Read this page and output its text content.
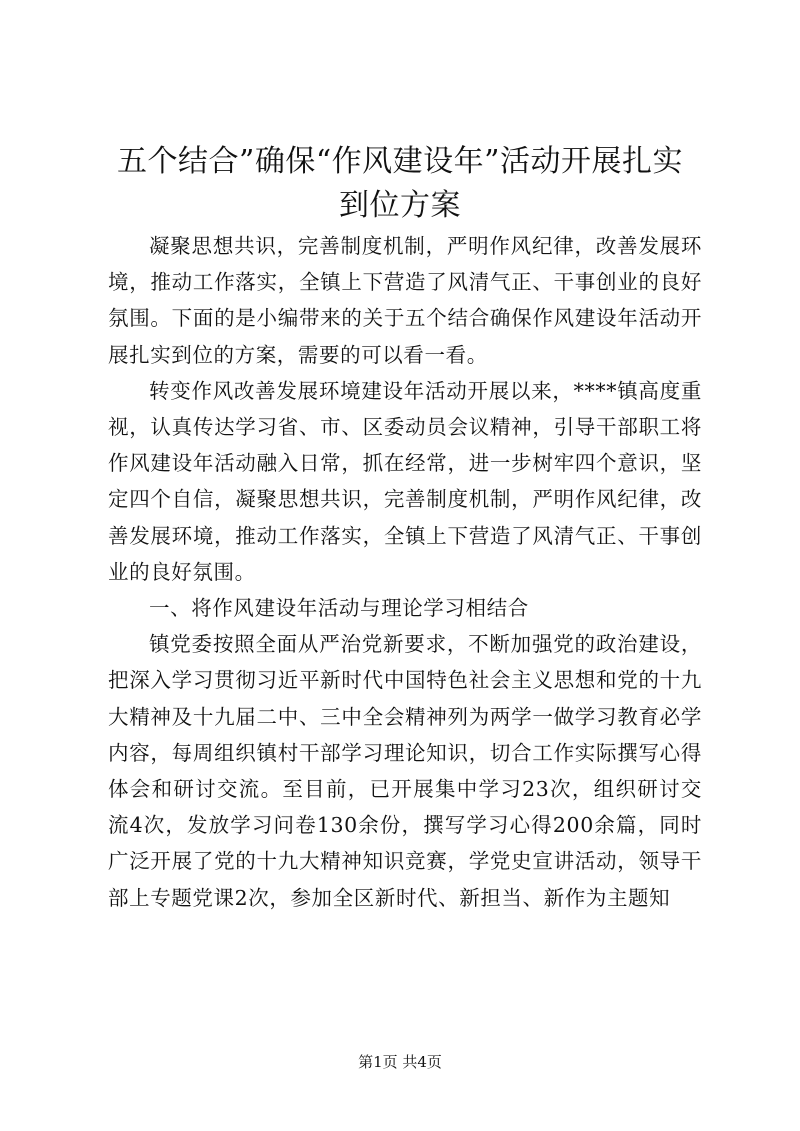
五个结合”确保“作风建设年”活动开展扎实
到位方案

凝聚思想共识，完善制度机制，严明作风纪律，改善发展环境，推动工作落实，全镇上下营造了风清气正、干事创业的良好氛围。下面的是小编带来的关于五个结合确保作风建设年活动开展扎实到位的方案，需要的可以看一看。

转变作风改善发展环境建设年活动开展以来，****镇高度重视，认真传达学习省、市、区委动员会议精神，引导干部职工将作风建设年活动融入日常，抓在经常，进一步树牢四个意识，坚定四个自信，凝聚思想共识，完善制度机制，严明作风纪律，改善发展环境，推动工作落实，全镇上下营造了风清气正、干事创业的良好氛围。

一、将作风建设年活动与理论学习相结合

镇党委按照全面从严治党新要求，不断加强党的政治建设，把深入学习贯彻习近平新时代中国特色社会主义思想和党的十九大精神及十九届二中、三中全会精神列为两学一做学习教育必学内容，每周组织镇村干部学习理论知识，切合工作实际撰写心得体会和研讨交流。至目前，已开展集中学习23次，组织研讨交流4次，发放学习问卷130余份，撰写学习心得200余篇，同时广泛开展了党的十九大精神知识竞赛，学党史宣讲活动，领导干部上专题党课2次，参加全区新时代、新担当、新作为主题知

第1页 共4页
